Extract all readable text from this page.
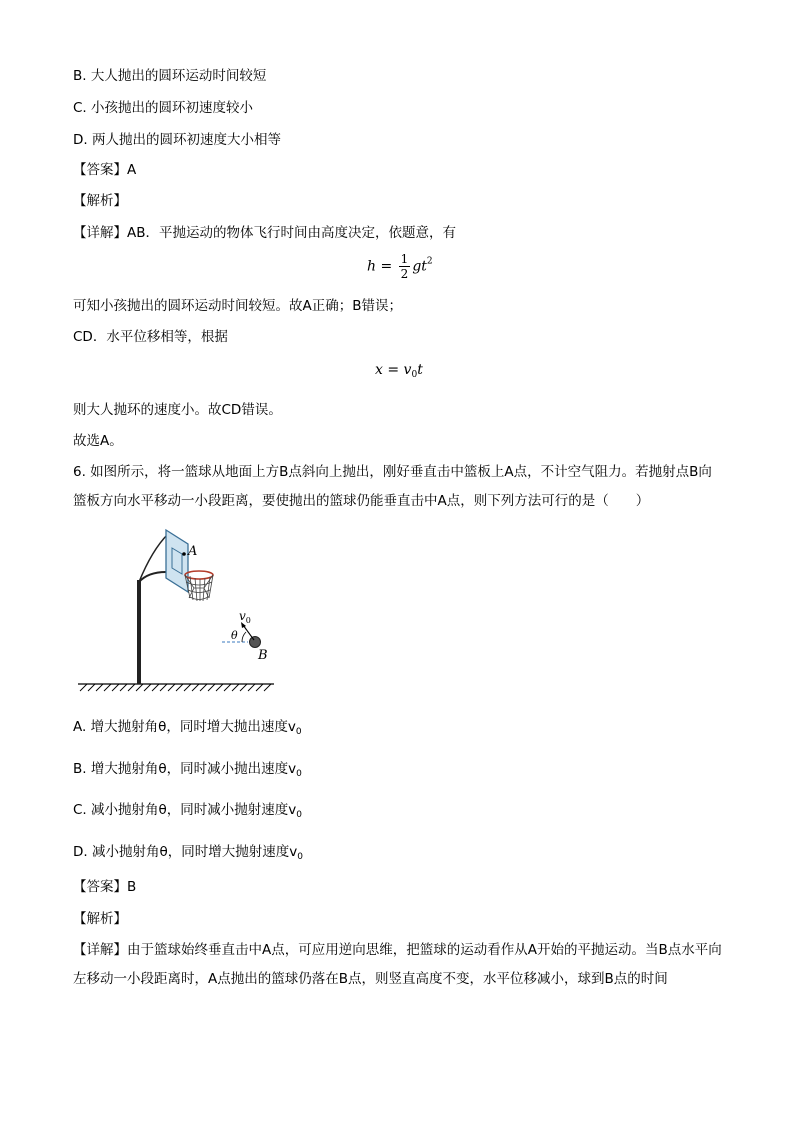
B. 大人抛出的圆环运动时间较短
C. 小孩抛出的圆环初速度较小
D. 两人抛出的圆环初速度大小相等
【答案】A
【解析】
【详解】AB．平抛运动的物体飞行时间由高度决定，依题意，有
$h = \frac{1}{2} gt^2$
可知小孩抛出的圆环运动时间较短。故A正确；B错误；
CD．水平位移相等，根据
$x = v_0t$
则大人抛环的速度小。故CD错误。
故选A。
6. 如图所示，将一篮球从地面上方B点斜向上抛出，刚好垂直击中篮板上A点，不计空气阻力。若抛射点B向篮板方向水平移动一小段距离，要使抛出的篮球仍能垂直击中A点，则下列方法可行的是（　　）
A
$v_0$
θ
B
A. 增大抛射角θ，同时增大抛出速度$v_0$
B. 增大抛射角θ，同时减小抛出速度$v_0$
C. 减小抛射角θ，同时减小抛射速度$v_0$
D. 减小抛射角θ，同时增大抛射速度$v_0$
【答案】B
【解析】
【详解】由于篮球始终垂直击中A点，可应用逆向思维，把篮球的运动看作从A开始的平抛运动。当B点水平向左移动一小段距离时，A点抛出的篮球仍落在B点，则竖直高度不变，水平位移减小，球到B点的时间
